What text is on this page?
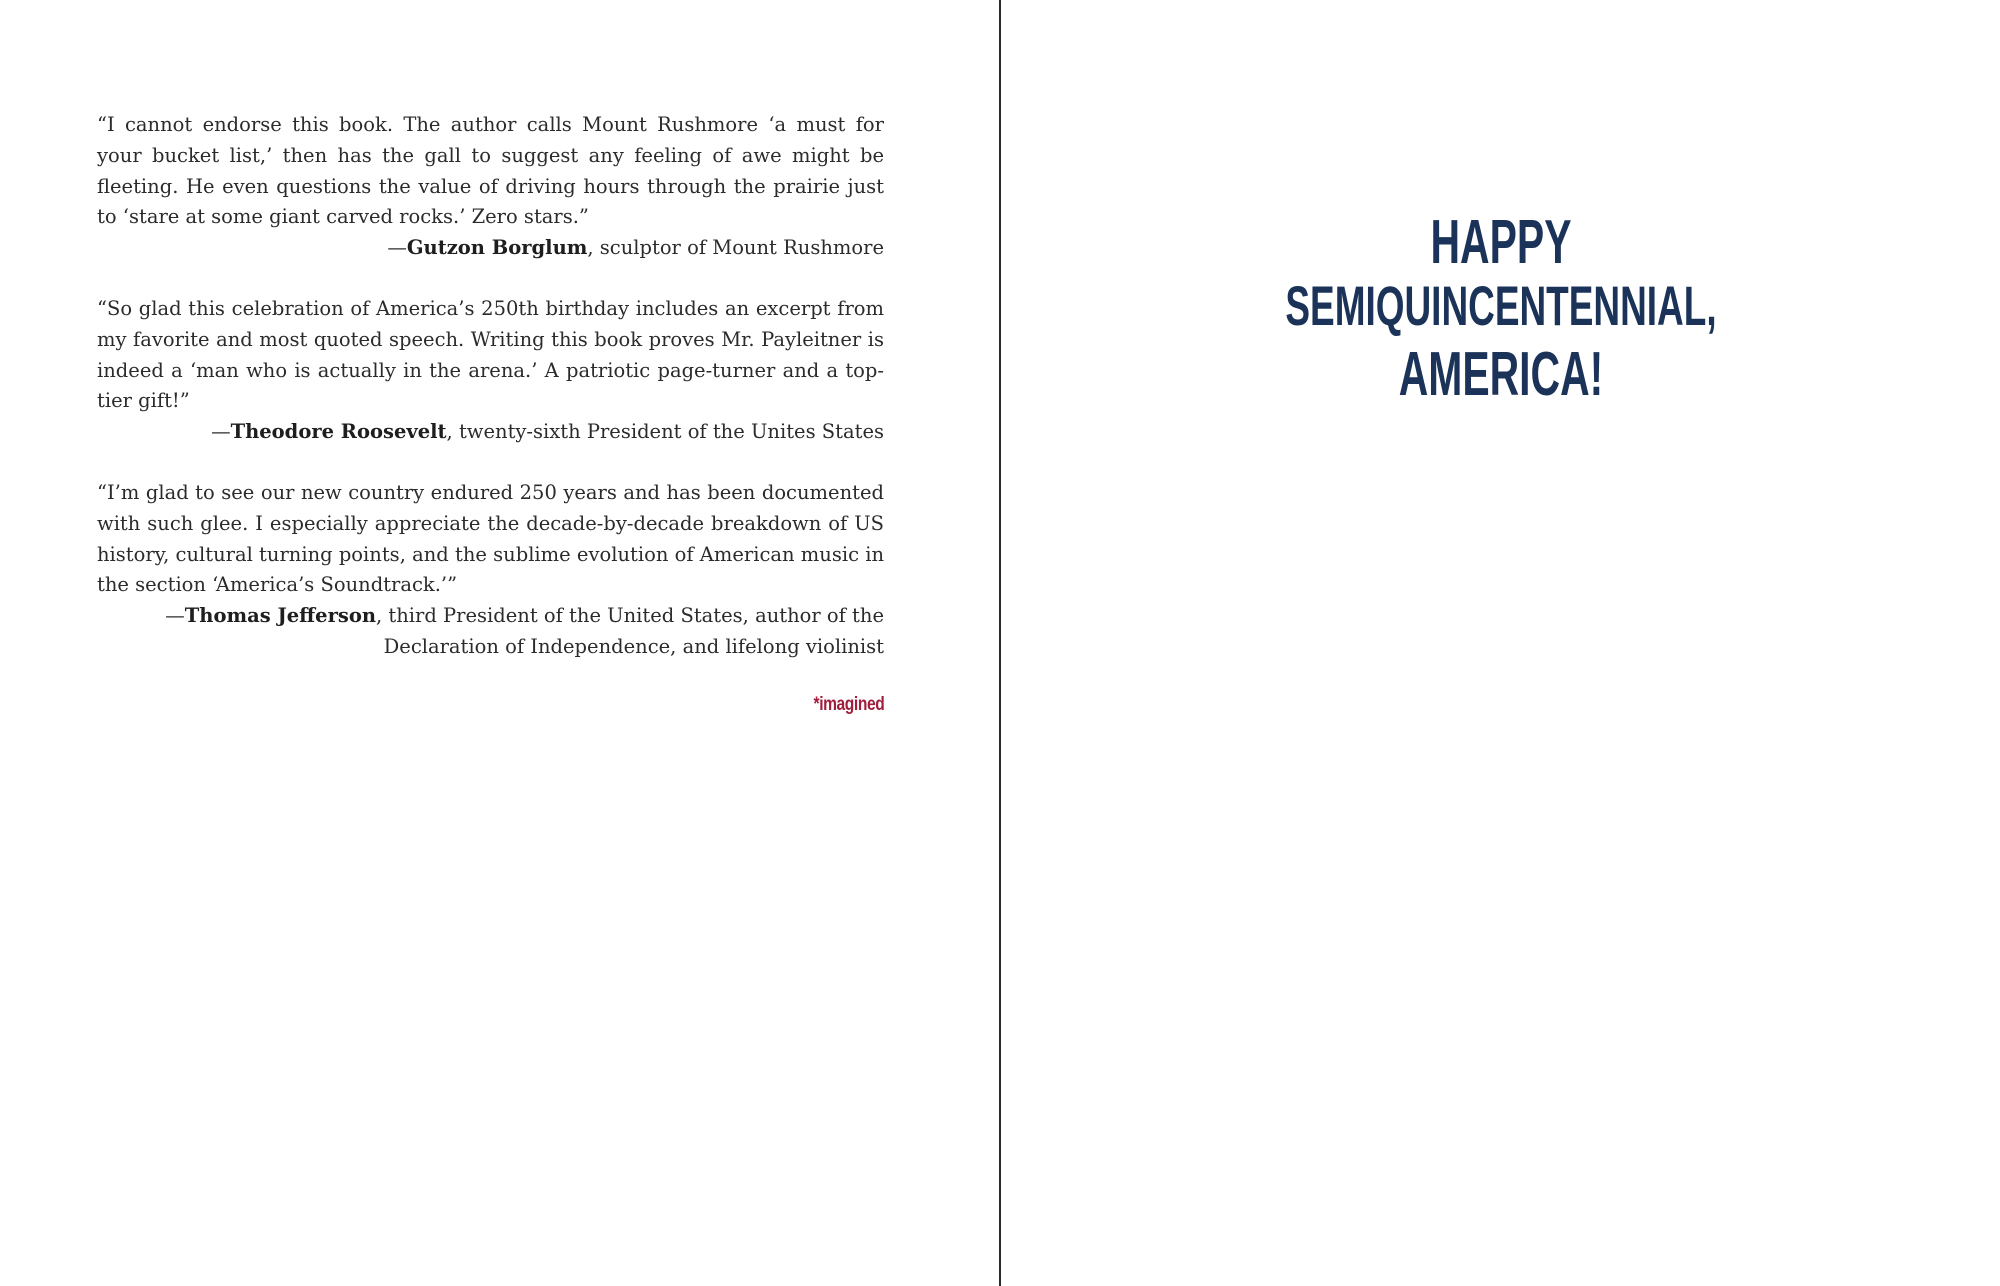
“I cannot endorse this book. The author calls Mount Rushmore ‘a must for your bucket list,’ then has the gall to suggest any feeling of awe might be fleeting. He even questions the value of driving hours through the prairie just to ‘stare at some giant carved rocks.’ Zero stars.”

—Gutzon Borglum, sculptor of Mount Rushmore

“So glad this celebration of America’s 250th birthday includes an excerpt from my favorite and most quoted speech. Writing this book proves Mr. Payleitner is indeed a ‘man who is actually in the arena.’ A patriotic page-turner and a top-tier gift!”

—Theodore Roosevelt, twenty-sixth President of the Unites States

“I’m glad to see our new country endured 250 years and has been documented with such glee. I especially appreciate the decade-by-decade breakdown of US history, cultural turning points, and the sublime evolution of American music in the section ‘America’s Soundtrack.’”

—Thomas Jefferson, third President of the United States, author of the Declaration of Independence, and lifelong violinist

*imagined
HAPPY
SEMIQUINCENTENNIAL,
AMERICA!
